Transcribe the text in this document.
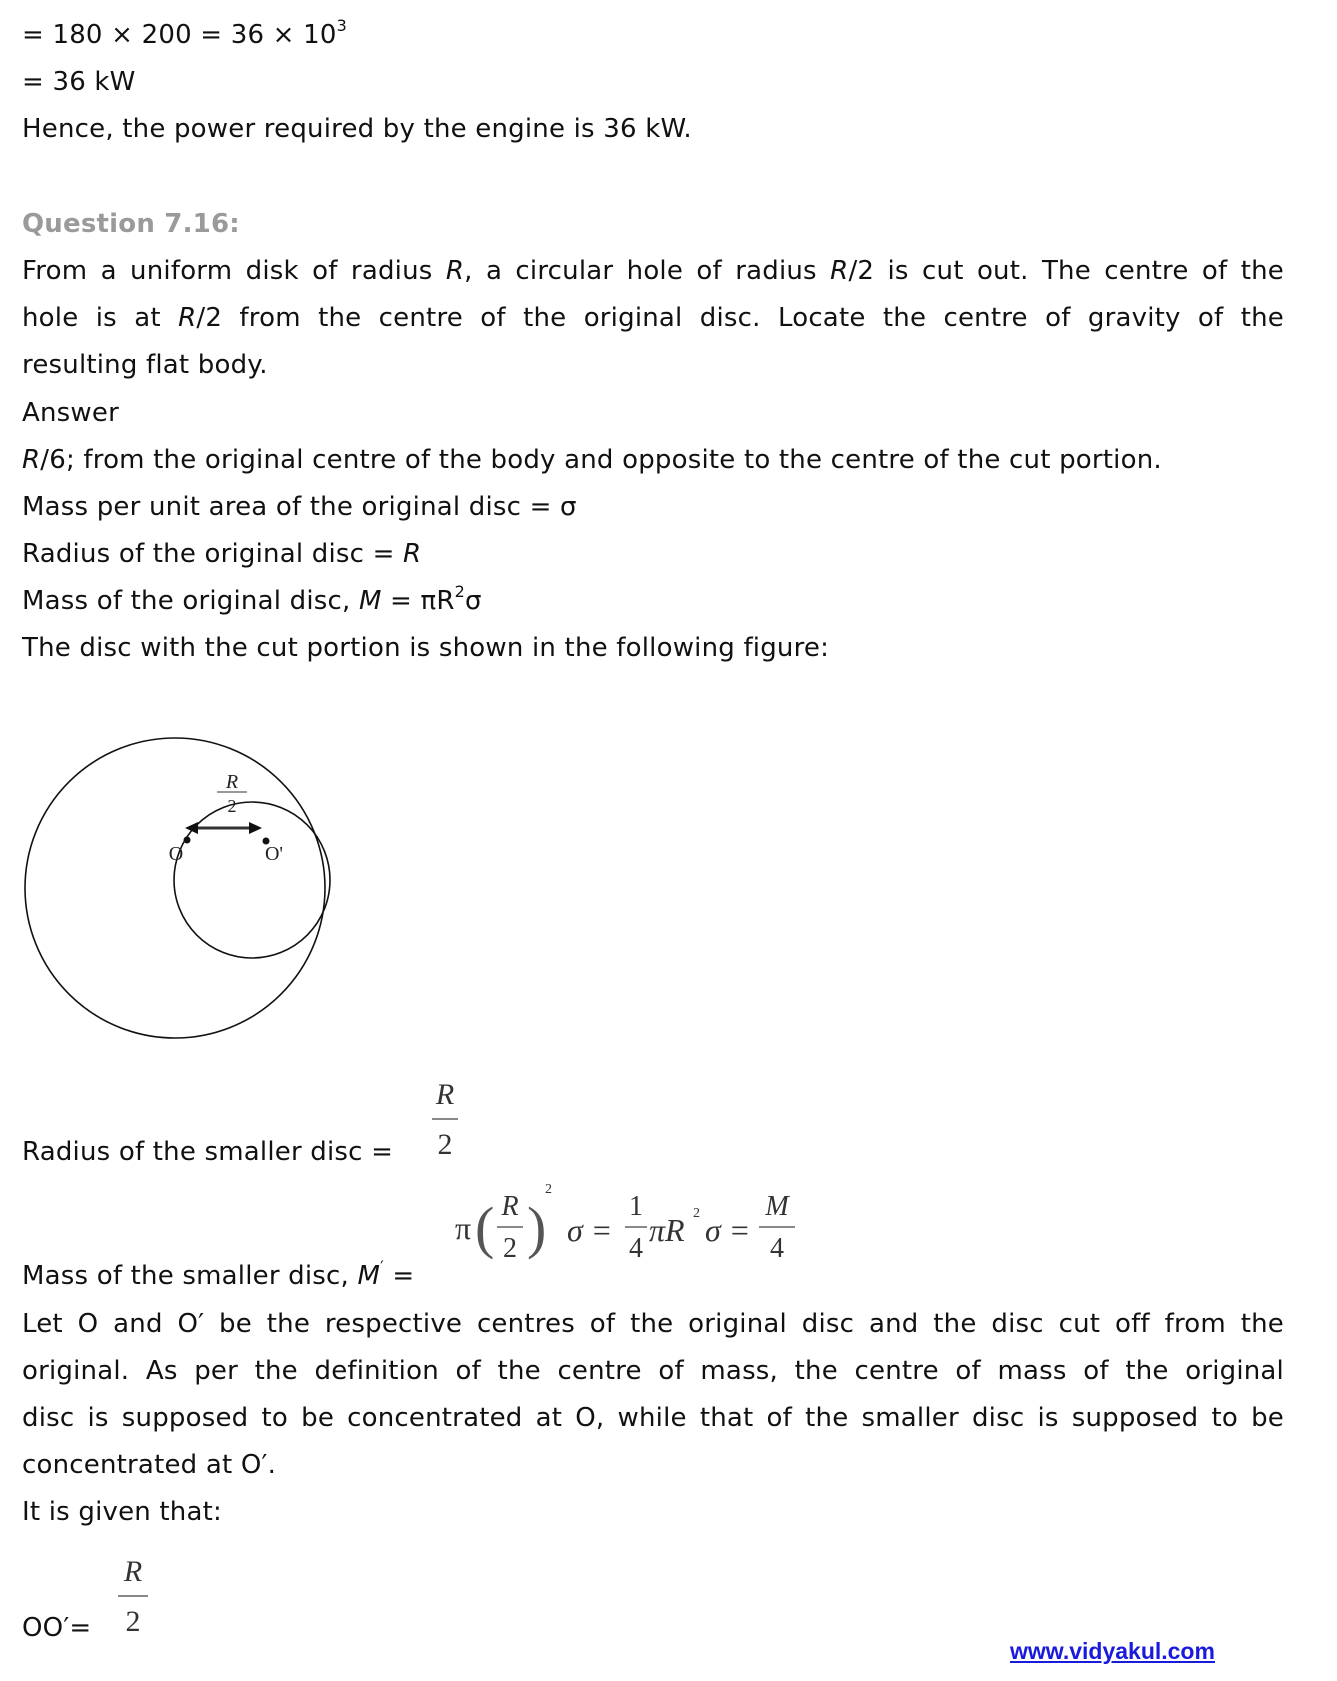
= $180 \times 200 = 36 \times 10^3$
= 36 kW
Hence, the power required by the engine is 36 kW.
Question 7.16:
From a uniform disk of radius R, a circular hole of radius R/2 is cut out. The centre of the
hole is at R/2 from the centre of the original disc. Locate the centre of gravity of the
resulting flat body.
Answer
R/6; from the original centre of the body and opposite to the centre of the cut portion.
Mass per unit area of the original disc = σ
Radius of the original disc = R
Mass of the original disc, $M = \pi R^2\sigma$
The disc with the cut portion is shown in the following figure:
R
2
O	O'
Radius of the smaller disc =
R
2
Mass of the smaller disc, M′ =
π ( R
2 )
2
σ =
1
4
πR 2 σ =
M
4
Let O and O′ be the respective centres of the original disc and the disc cut off from the
original. As per the definition of the centre of mass, the centre of mass of the original
disc is supposed to be concentrated at O, while that of the smaller disc is supposed to be
concentrated at O′.
It is given that:
OO′=
R
2
www.vidyakul.com
